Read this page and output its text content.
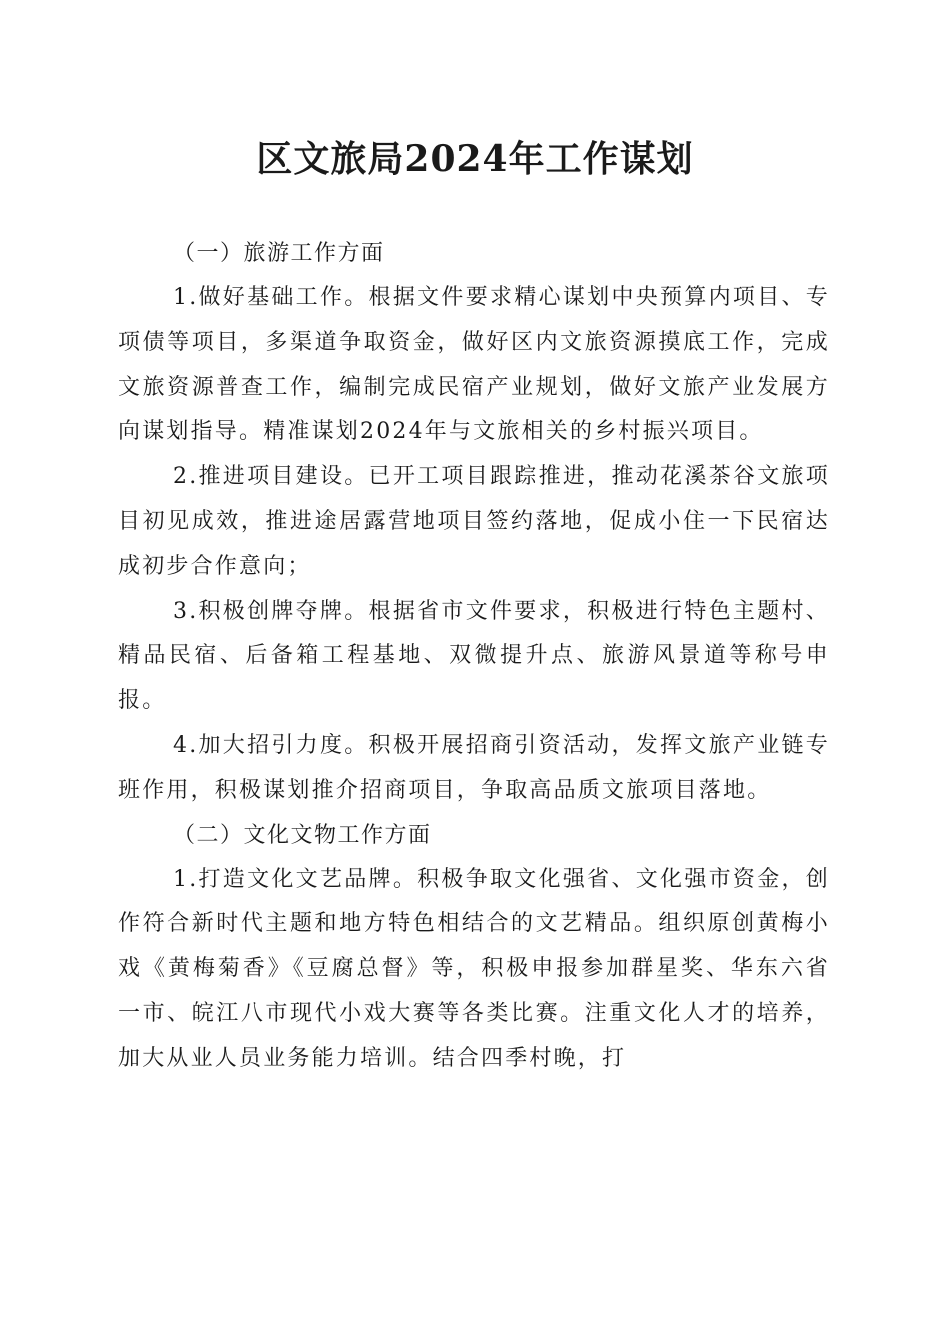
区文旅局2024年工作谋划

（一）旅游工作方面

1.做好基础工作。根据文件要求精心谋划中央预算内项目、专项债等项目，多渠道争取资金，做好区内文旅资源摸底工作，完成文旅资源普查工作，编制完成民宿产业规划，做好文旅产业发展方向谋划指导。精准谋划2024年与文旅相关的乡村振兴项目。

2.推进项目建设。已开工项目跟踪推进，推动花溪茶谷文旅项目初见成效，推进途居露营地项目签约落地，促成小住一下民宿达成初步合作意向；

3.积极创牌夺牌。根据省市文件要求，积极进行特色主题村、精品民宿、后备箱工程基地、双微提升点、旅游风景道等称号申报。

4.加大招引力度。积极开展招商引资活动，发挥文旅产业链专班作用，积极谋划推介招商项目，争取高品质文旅项目落地。

（二）文化文物工作方面

1.打造文化文艺品牌。积极争取文化强省、文化强市资金，创作符合新时代主题和地方特色相结合的文艺精品。组织原创黄梅小戏《黄梅菊香》《豆腐总督》等，积极申报参加群星奖、华东六省一市、皖江八市现代小戏大赛等各类比赛。注重文化人才的培养，加大从业人员业务能力培训。结合四季村晚，打
